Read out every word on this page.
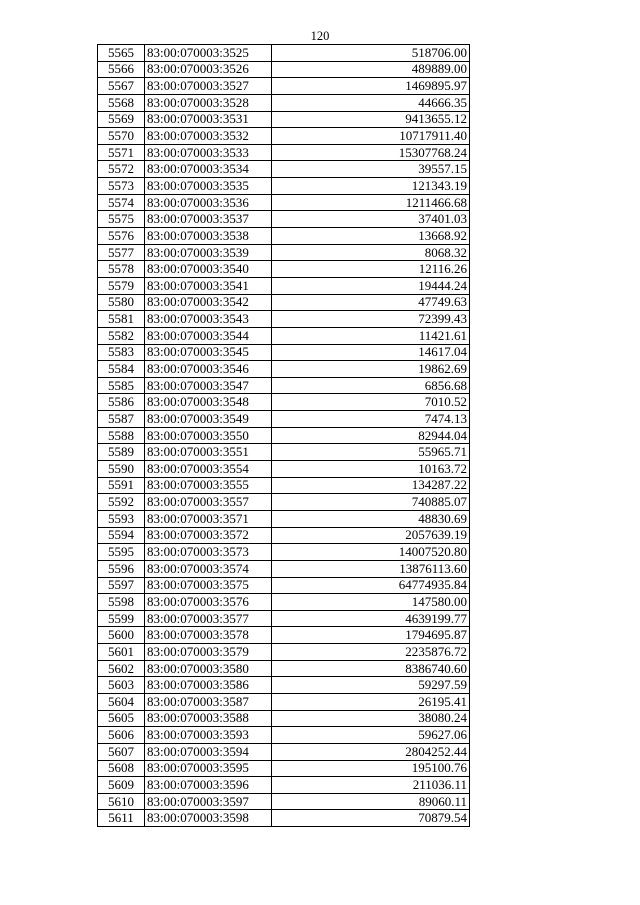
120
5565	83:00:070003:3525	518706.00
5566	83:00:070003:3526	489889.00
5567	83:00:070003:3527	1469895.97
5568	83:00:070003:3528	44666.35
5569	83:00:070003:3531	9413655.12
5570	83:00:070003:3532	10717911.40
5571	83:00:070003:3533	15307768.24
5572	83:00:070003:3534	39557.15
5573	83:00:070003:3535	121343.19
5574	83:00:070003:3536	1211466.68
5575	83:00:070003:3537	37401.03
5576	83:00:070003:3538	13668.92
5577	83:00:070003:3539	8068.32
5578	83:00:070003:3540	12116.26
5579	83:00:070003:3541	19444.24
5580	83:00:070003:3542	47749.63
5581	83:00:070003:3543	72399.43
5582	83:00:070003:3544	11421.61
5583	83:00:070003:3545	14617.04
5584	83:00:070003:3546	19862.69
5585	83:00:070003:3547	6856.68
5586	83:00:070003:3548	7010.52
5587	83:00:070003:3549	7474.13
5588	83:00:070003:3550	82944.04
5589	83:00:070003:3551	55965.71
5590	83:00:070003:3554	10163.72
5591	83:00:070003:3555	134287.22
5592	83:00:070003:3557	740885.07
5593	83:00:070003:3571	48830.69
5594	83:00:070003:3572	2057639.19
5595	83:00:070003:3573	14007520.80
5596	83:00:070003:3574	13876113.60
5597	83:00:070003:3575	64774935.84
5598	83:00:070003:3576	147580.00
5599	83:00:070003:3577	4639199.77
5600	83:00:070003:3578	1794695.87
5601	83:00:070003:3579	2235876.72
5602	83:00:070003:3580	8386740.60
5603	83:00:070003:3586	59297.59
5604	83:00:070003:3587	26195.41
5605	83:00:070003:3588	38080.24
5606	83:00:070003:3593	59627.06
5607	83:00:070003:3594	2804252.44
5608	83:00:070003:3595	195100.76
5609	83:00:070003:3596	211036.11
5610	83:00:070003:3597	89060.11
5611	83:00:070003:3598	70879.54
